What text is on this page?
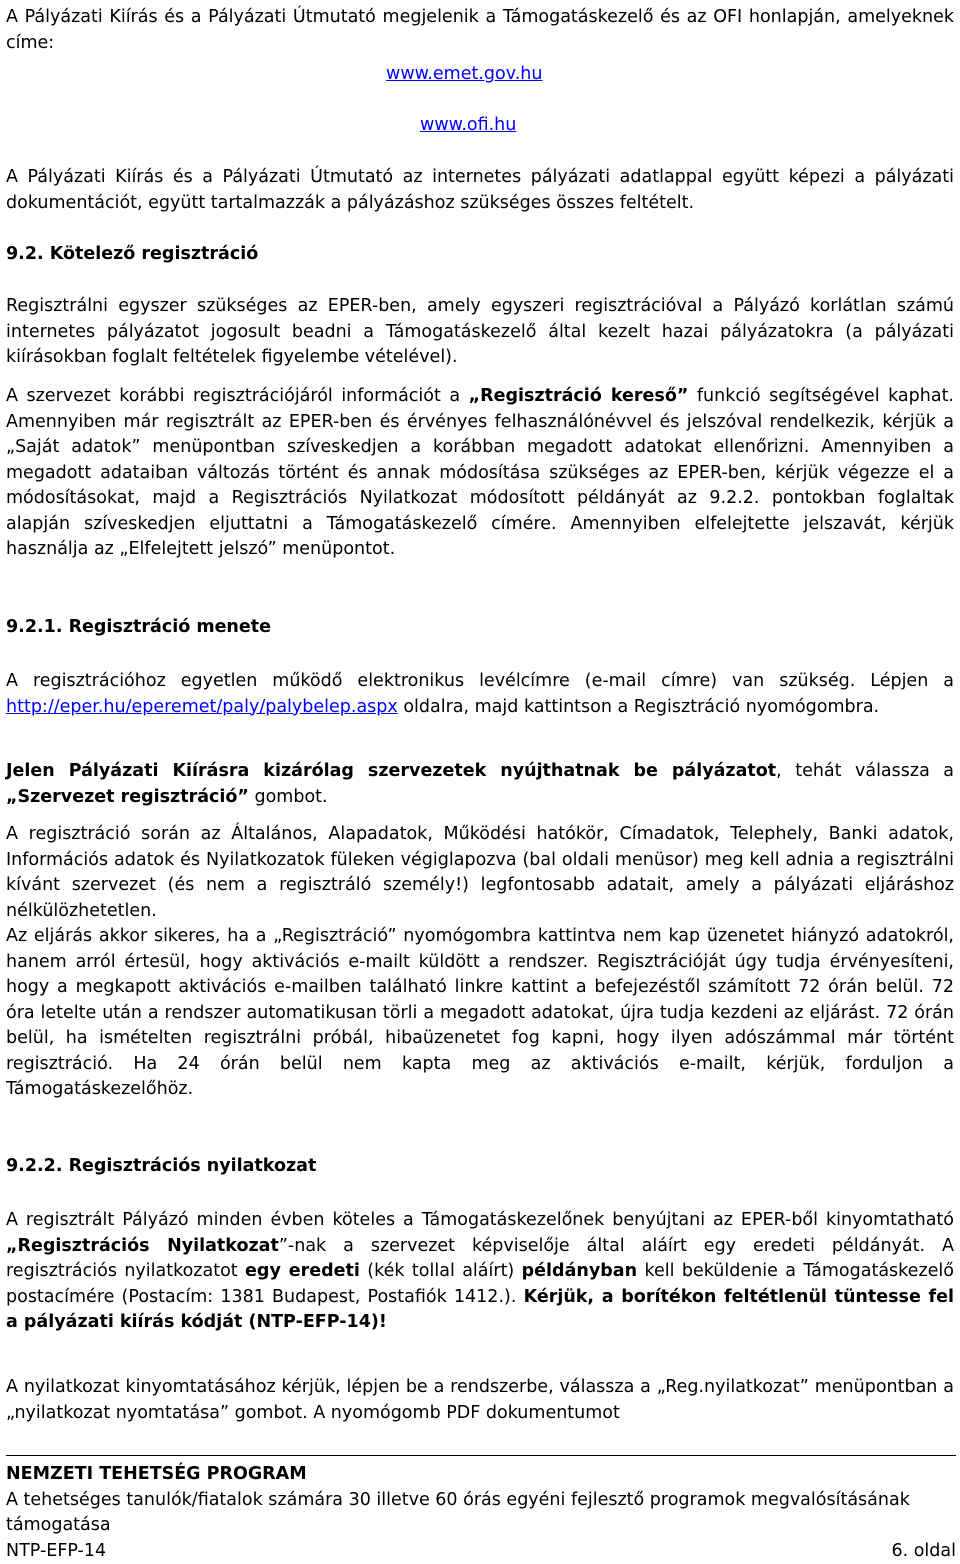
A Pályázati Kiírás és a Pályázati Útmutató megjelenik a Támogatáskezelő és az OFI honlapján, amelyeknek címe:

www.emet.gov.hu
www.ofi.hu

A Pályázati Kiírás és a Pályázati Útmutató az internetes pályázati adatlappal együtt képezi a pályázati dokumentációt, együtt tartalmazzák a pályázáshoz szükséges összes feltételt.

9.2. Kötelező regisztráció

Regisztrálni egyszer szükséges az EPER-ben, amely egyszeri regisztrációval a Pályázó korlátlan számú internetes pályázatot jogosult beadni a Támogatáskezelő által kezelt hazai pályázatokra (a pályázati kiírásokban foglalt feltételek figyelembe vételével).

A szervezet korábbi regisztrációjáról információt a „Regisztráció kereső” funkció segítségével kaphat. Amennyiben már regisztrált az EPER-ben és érvényes felhasználónévvel és jelszóval rendelkezik, kérjük a „Saját adatok” menüpontban szíveskedjen a korábban megadott adatokat ellenőrizni. Amennyiben a megadott adataiban változás történt és annak módosítása szükséges az EPER-ben, kérjük végezze el a módosításokat, majd a Regisztrációs Nyilatkozat módosított példányát az 9.2.2. pontokban foglaltak alapján szíveskedjen eljuttatni a Támogatáskezelő címére. Amennyiben elfelejtette jelszavát, kérjük használja az „Elfelejtett jelszó” menüpontot.

9.2.1. Regisztráció menete

A regisztrációhoz egyetlen működő elektronikus levélcímre (e-mail címre) van szükség. Lépjen a http://eper.hu/eperemet/paly/palybelep.aspx oldalra, majd kattintson a Regisztráció nyomógombra.

Jelen Pályázati Kiírásra kizárólag szervezetek nyújthatnak be pályázatot, tehát válassza a „Szervezet regisztráció” gombot.

A regisztráció során az Általános, Alapadatok, Működési hatókör, Címadatok, Telephely, Banki adatok, Információs adatok és Nyilatkozatok füleken végiglapozva (bal oldali menüsor) meg kell adnia a regisztrálni kívánt szervezet (és nem a regisztráló személy!) legfontosabb adatait, amely a pályázati eljáráshoz nélkülözhetetlen.

Az eljárás akkor sikeres, ha a „Regisztráció” nyomógombra kattintva nem kap üzenetet hiányzó adatokról, hanem arról értesül, hogy aktivációs e-mailt küldött a rendszer. Regisztrációját úgy tudja érvényesíteni, hogy a megkapott aktivációs e-mailben található linkre kattint a befejezéstől számított 72 órán belül. 72 óra letelte után a rendszer automatikusan törli a megadott adatokat, újra tudja kezdeni az eljárást. 72 órán belül, ha ismételten regisztrálni próbál, hibaüzenetet fog kapni, hogy ilyen adószámmal már történt regisztráció. Ha 24 órán belül nem kapta meg az aktivációs e-mailt, kérjük, forduljon a Támogatáskezelőhöz.

9.2.2. Regisztrációs nyilatkozat

A regisztrált Pályázó minden évben köteles a Támogatáskezelőnek benyújtani az EPER-ből kinyomtatható „Regisztrációs Nyilatkozat”-nak a szervezet képviselője által aláírt egy eredeti példányát. A regisztrációs nyilatkozatot egy eredeti (kék tollal aláírt) példányban kell beküldenie a Támogatáskezelő postacímére (Postacím: 1381 Budapest, Postafiók 1412.). Kérjük, a borítékon feltétlenül tüntesse fel a pályázati kiírás kódját (NTP-EFP-14)!

A nyilatkozat kinyomtatásához kérjük, lépjen be a rendszerbe, válassza a „Reg.nyilatkozat” menüpontban a „nyilatkozat nyomtatása” gombot. A nyomógomb PDF dokumentumot

NEMZETI TEHETSÉG PROGRAM
A tehetséges tanulók/fiatalok számára 30 illetve 60 órás egyéni fejlesztő programok megvalósításának támogatása
NTP-EFP-14	6. oldal
